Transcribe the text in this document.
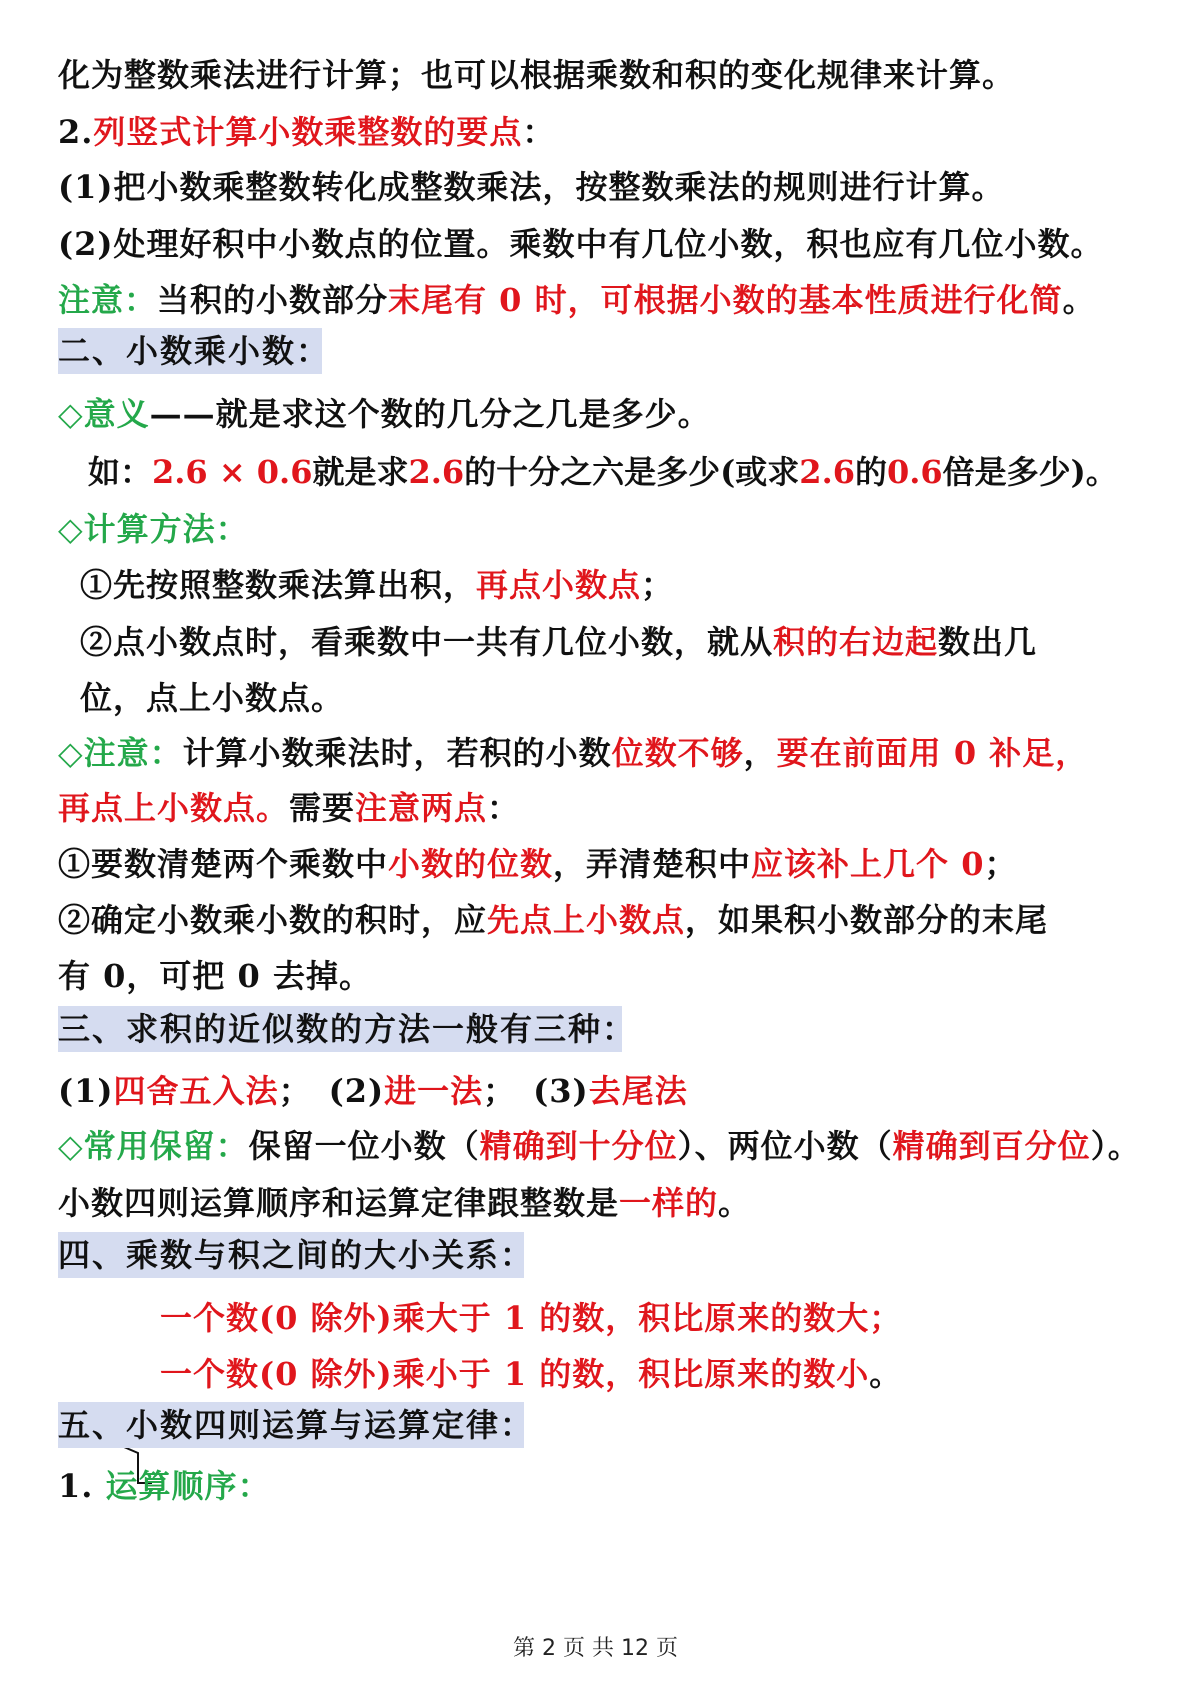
化为整数乘法进行计算；也可以根据乘数和积的变化规律来计算。
2.列竖式计算小数乘整数的要点：
(1)把小数乘整数转化成整数乘法，按整数乘法的规则进行计算。
(2)处理好积中小数点的位置。乘数中有几位小数，积也应有几位小数。
注意：当积的小数部分末尾有 0 时，可根据小数的基本性质进行化简。
二、小数乘小数：
◇意义——就是求这个数的几分之几是多少。
如：2.6 × 0.6就是求2.6的十分之六是多少(或求2.6的0.6倍是多少)。
◇计算方法：
①先按照整数乘法算出积，再点小数点；
②点小数点时，看乘数中一共有几位小数，就从积的右边起数出几
位，点上小数点。
◇注意：计算小数乘法时，若积的小数位数不够，要在前面用 0 补足，
再点上小数点。需要注意两点：
①要数清楚两个乘数中小数的位数，弄清楚积中应该补上几个 0；
②确定小数乘小数的积时，应先点上小数点，如果积小数部分的末尾
有 0，可把 0 去掉。
三、求积的近似数的方法一般有三种：
(1)四舍五入法；　(2)进一法；　(3)去尾法
◇常用保留：保留一位小数（精确到十分位）、两位小数（精确到百分位）。
小数四则运算顺序和运算定律跟整数是一样的。
四、乘数与积之间的大小关系：
一个数(0 除外)乘大于 1 的数，积比原来的数大；
一个数(0 除外)乘小于 1 的数，积比原来的数小。
五、小数四则运算与运算定律：
1. 运算顺序：
第 2 页 共 12 页
